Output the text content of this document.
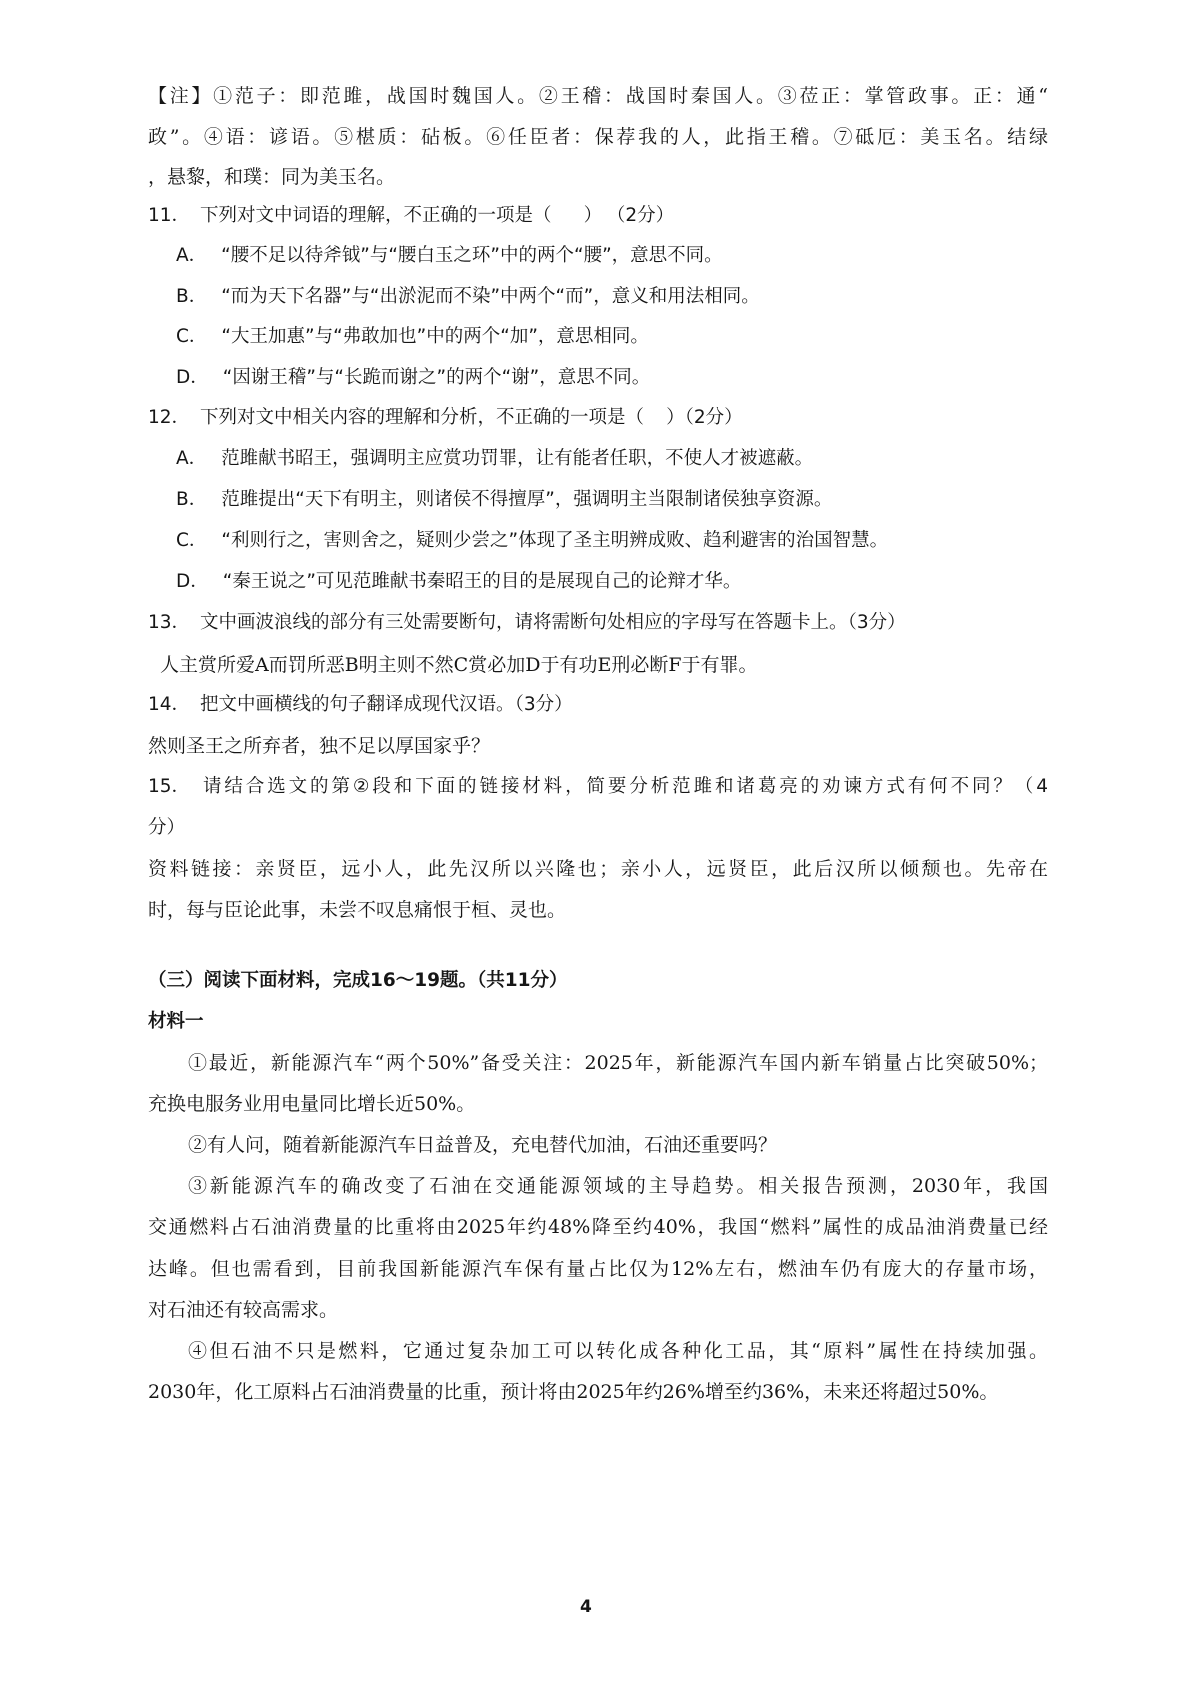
【注】①范子：即范雎，战国时魏国人。②王稽：战国时秦国人。③莅正：掌管政事。正：通“
政”。④语：谚语。⑤椹质：砧板。⑥任臣者：保荐我的人，此指王稽。⑦砥厄：美玉名。结绿
，悬黎，和璞：同为美玉名。
11． 下列对文中词语的理解，不正确的一项是（ ） （2分）
A． “腰不足以待斧钺”与“腰白玉之环”中的两个“腰”，意思不同。
B． “而为天下名器”与“出淤泥而不染”中两个“而”，意义和用法相同。
C． “大王加惠”与“弗敢加也”中的两个“加”，意思相同。
D． “因谢王稽”与“长跪而谢之”的两个“谢”，意思不同。
12． 下列对文中相关内容的理解和分析，不正确的一项是（ ）（2分）
A． 范雎献书昭王，强调明主应赏功罚罪，让有能者任职，不使人才被遮蔽。
B． 范雎提出“天下有明主，则诸侯不得擅厚”，强调明主当限制诸侯独享资源。
C． “利则行之，害则舍之，疑则少尝之”体现了圣主明辨成败、趋利避害的治国智慧。
D． “秦王说之”可见范雎献书秦昭王的目的是展现自己的论辩才华。
13． 文中画波浪线的部分有三处需要断句，请将需断句处相应的字母写在答题卡上。（3分）
人主赏所爱A而罚所恶B明主则不然C赏必加D于有功E刑必断F于有罪。
14． 把文中画横线的句子翻译成现代汉语。（3分）
然则圣王之所弃者，独不足以厚国家乎？
15． 请结合选文的第②段和下面的链接材料，简要分析范雎和诸葛亮的劝谏方式有何不同？（4
分）
资料链接：亲贤臣，远小人，此先汉所以兴隆也；亲小人，远贤臣，此后汉所以倾颓也。先帝在
时，每与臣论此事，未尝不叹息痛恨于桓、灵也。
（三）阅读下面材料，完成16～19题。（共11分）
材料一
①最近，新能源汽车“两个50%”备受关注：2025年，新能源汽车国内新车销量占比突破50%；
充换电服务业用电量同比增长近50%。
②有人问，随着新能源汽车日益普及，充电替代加油，石油还重要吗？
③新能源汽车的确改变了石油在交通能源领域的主导趋势。相关报告预测，2030年，我国
交通燃料占石油消费量的比重将由2025年约48%降至约40%，我国“燃料”属性的成品油消费量已经
达峰。但也需看到，目前我国新能源汽车保有量占比仅为12%左右，燃油车仍有庞大的存量市场，
对石油还有较高需求。
④但石油不只是燃料，它通过复杂加工可以转化成各种化工品，其“原料”属性在持续加强。
2030年，化工原料占石油消费量的比重，预计将由2025年约26%增至约36%，未来还将超过50%。
4
